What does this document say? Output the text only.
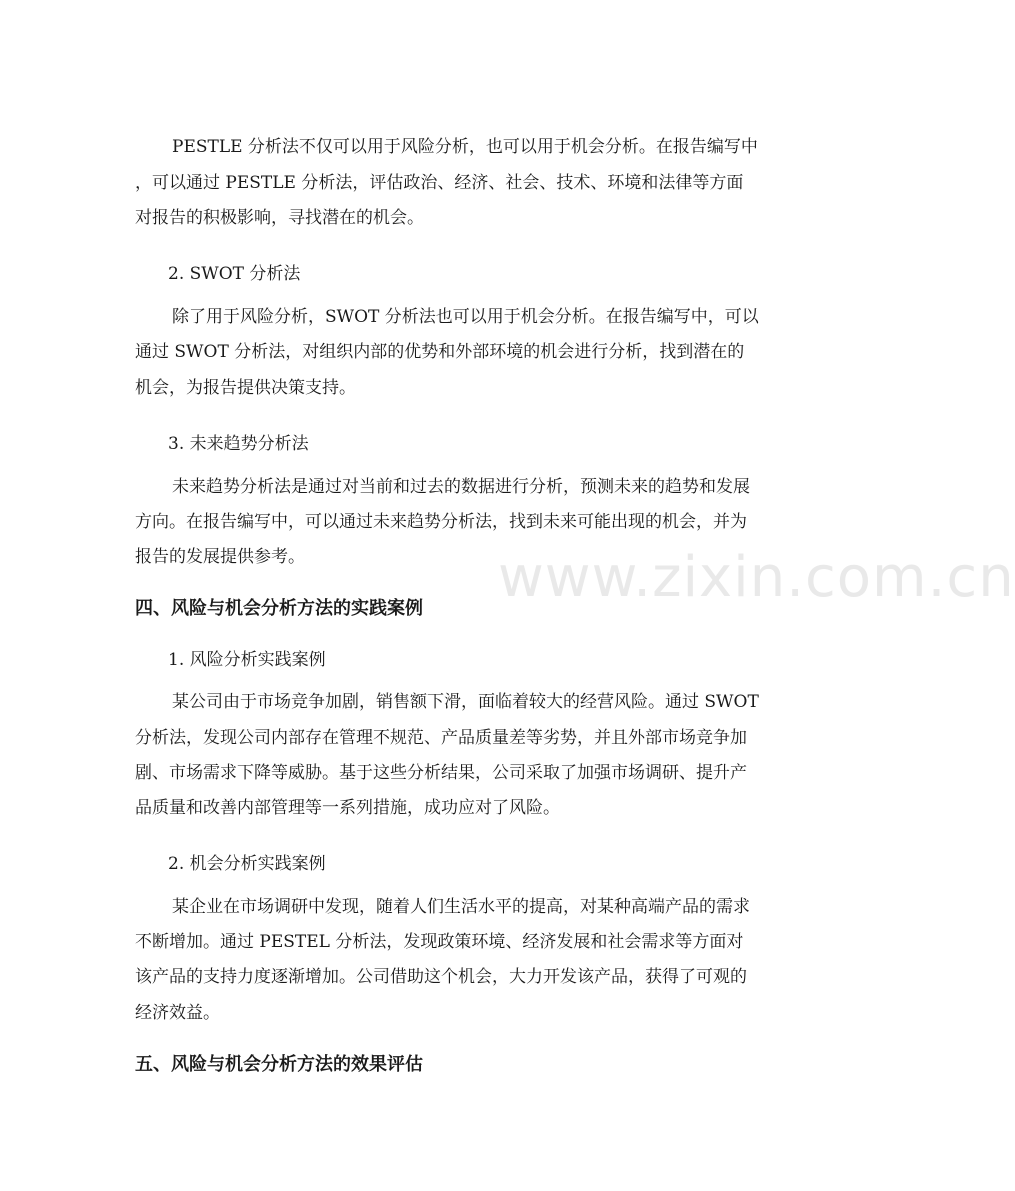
www.zixin.com.cn
PESTLE 分析法不仅可以用于风险分析，也可以用于机会分析。在报告编写中
，可以通过 PESTLE 分析法，评估政治、经济、社会、技术、环境和法律等方面
对报告的积极影响，寻找潜在的机会。
2. SWOT 分析法
除了用于风险分析，SWOT 分析法也可以用于机会分析。在报告编写中，可以
通过 SWOT 分析法，对组织内部的优势和外部环境的机会进行分析，找到潜在的
机会，为报告提供决策支持。
3. 未来趋势分析法
未来趋势分析法是通过对当前和过去的数据进行分析，预测未来的趋势和发展
方向。在报告编写中，可以通过未来趋势分析法，找到未来可能出现的机会，并为
报告的发展提供参考。
四、风险与机会分析方法的实践案例
1. 风险分析实践案例
某公司由于市场竞争加剧，销售额下滑，面临着较大的经营风险。通过 SWOT
分析法，发现公司内部存在管理不规范、产品质量差等劣势，并且外部市场竞争加
剧、市场需求下降等威胁。基于这些分析结果，公司采取了加强市场调研、提升产
品质量和改善内部管理等一系列措施，成功应对了风险。
2. 机会分析实践案例
某企业在市场调研中发现，随着人们生活水平的提高，对某种高端产品的需求
不断增加。通过 PESTEL 分析法，发现政策环境、经济发展和社会需求等方面对
该产品的支持力度逐渐增加。公司借助这个机会，大力开发该产品，获得了可观的
经济效益。
五、风险与机会分析方法的效果评估
